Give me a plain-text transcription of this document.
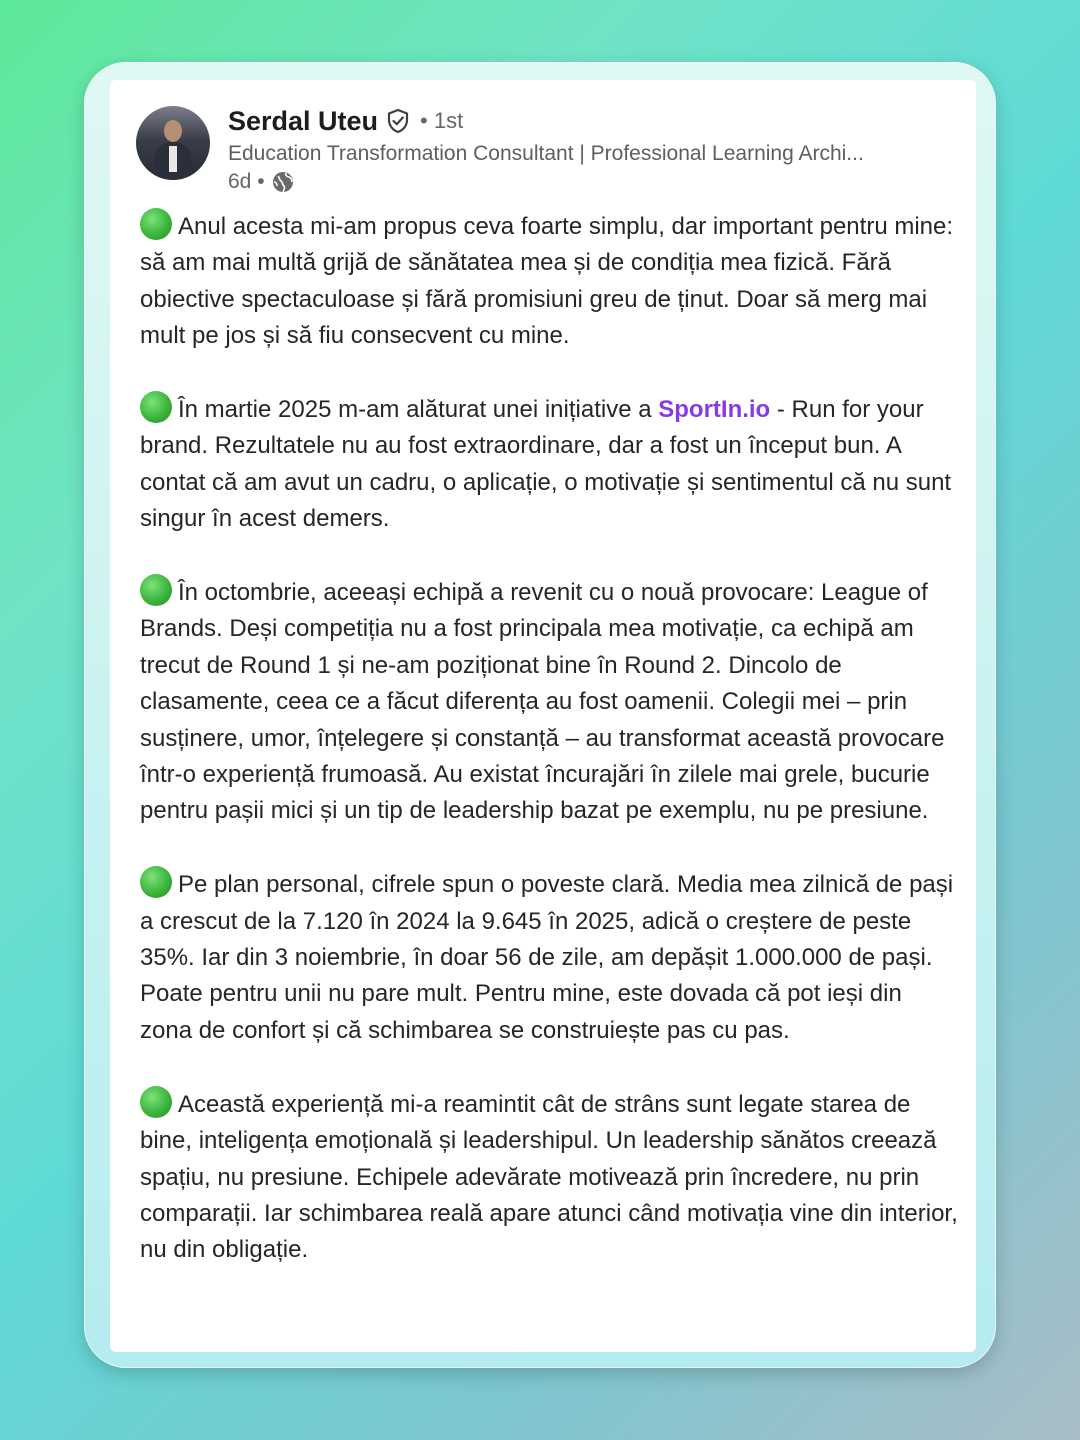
Serdal Uteu • 1st
Education Transformation Consultant | Professional Learning Archi...
6d •

Anul acesta mi-am propus ceva foarte simplu, dar important pentru mine: să am mai multă grijă de sănătatea mea și de condiția mea fizică. Fără obiective spectaculoase și fără promisiuni greu de ținut. Doar să merg mai mult pe jos și să fiu consecvent cu mine.

În martie 2025 m-am alăturat unei inițiative a SportIn.io - Run for your brand. Rezultatele nu au fost extraordinare, dar a fost un început bun. A contat că am avut un cadru, o aplicație, o motivație și sentimentul că nu sunt singur în acest demers.

În octombrie, aceeași echipă a revenit cu o nouă provocare: League of Brands. Deși competiția nu a fost principala mea motivație, ca echipă am trecut de Round 1 și ne-am poziționat bine în Round 2. Dincolo de clasamente, ceea ce a făcut diferența au fost oamenii. Colegii mei – prin susținere, umor, înțelegere și constanță – au transformat această provocare într-o experiență frumoasă. Au existat încurajări în zilele mai grele, bucurie pentru pașii mici și un tip de leadership bazat pe exemplu, nu pe presiune.

Pe plan personal, cifrele spun o poveste clară. Media mea zilnică de pași a crescut de la 7.120 în 2024 la 9.645 în 2025, adică o creștere de peste 35%. Iar din 3 noiembrie, în doar 56 de zile, am depășit 1.000.000 de pași. Poate pentru unii nu pare mult. Pentru mine, este dovada că pot ieși din zona de confort și că schimbarea se construiește pas cu pas.

Această experiență mi-a reamintit cât de strâns sunt legate starea de bine, inteligența emoțională și leadershipul. Un leadership sănătos creează spațiu, nu presiune. Echipele adevărate motivează prin încredere, nu prin comparații. Iar schimbarea reală apare atunci când motivația vine din interior, nu din obligație.
